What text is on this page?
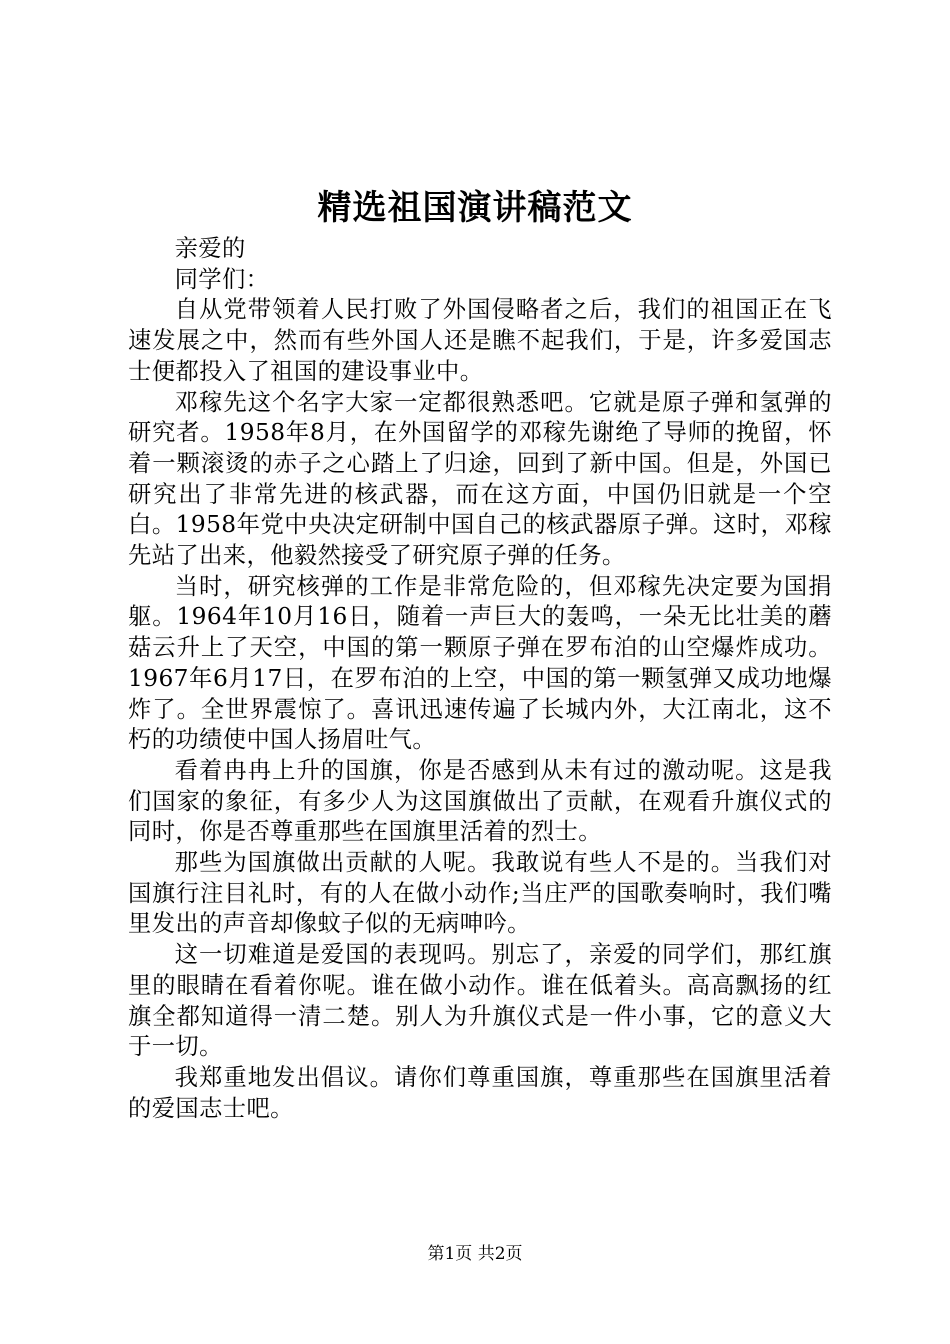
精选祖国演讲稿范文

亲爱的

同学们：

自从党带领着人民打败了外国侵略者之后，我们的祖国正在飞速发展之中，然而有些外国人还是瞧不起我们，于是，许多爱国志士便都投入了祖国的建设事业中。

邓稼先这个名字大家一定都很熟悉吧。它就是原子弹和氢弹的研究者。1958年8月，在外国留学的邓稼先谢绝了导师的挽留，怀着一颗滚烫的赤子之心踏上了归途，回到了新中国。但是，外国已研究出了非常先进的核武器，而在这方面，中国仍旧就是一个空白。1958年党中央决定研制中国自己的核武器原子弹。这时，邓稼先站了出来，他毅然接受了研究原子弹的任务。

当时，研究核弹的工作是非常危险的，但邓稼先决定要为国捐躯。1964年10月16日，随着一声巨大的轰鸣，一朵无比壮美的蘑菇云升上了天空，中国的第一颗原子弹在罗布泊的山空爆炸成功。1967年6月17日，在罗布泊的上空，中国的第一颗氢弹又成功地爆炸了。全世界震惊了。喜讯迅速传遍了长城内外，大江南北，这不朽的功绩使中国人扬眉吐气。

看着冉冉上升的国旗，你是否感到从未有过的激动呢。这是我们国家的象征，有多少人为这国旗做出了贡献，在观看升旗仪式的同时，你是否尊重那些在国旗里活着的烈士。

那些为国旗做出贡献的人呢。我敢说有些人不是的。当我们对国旗行注目礼时，有的人在做小动作;当庄严的国歌奏响时，我们嘴里发出的声音却像蚊子似的无病呻吟。

这一切难道是爱国的表现吗。别忘了，亲爱的同学们，那红旗里的眼睛在看着你呢。谁在做小动作。谁在低着头。高高飘扬的红旗全都知道得一清二楚。别人为升旗仪式是一件小事，它的意义大于一切。

我郑重地发出倡议。请你们尊重国旗，尊重那些在国旗里活着的爱国志士吧。

第1页 共2页
